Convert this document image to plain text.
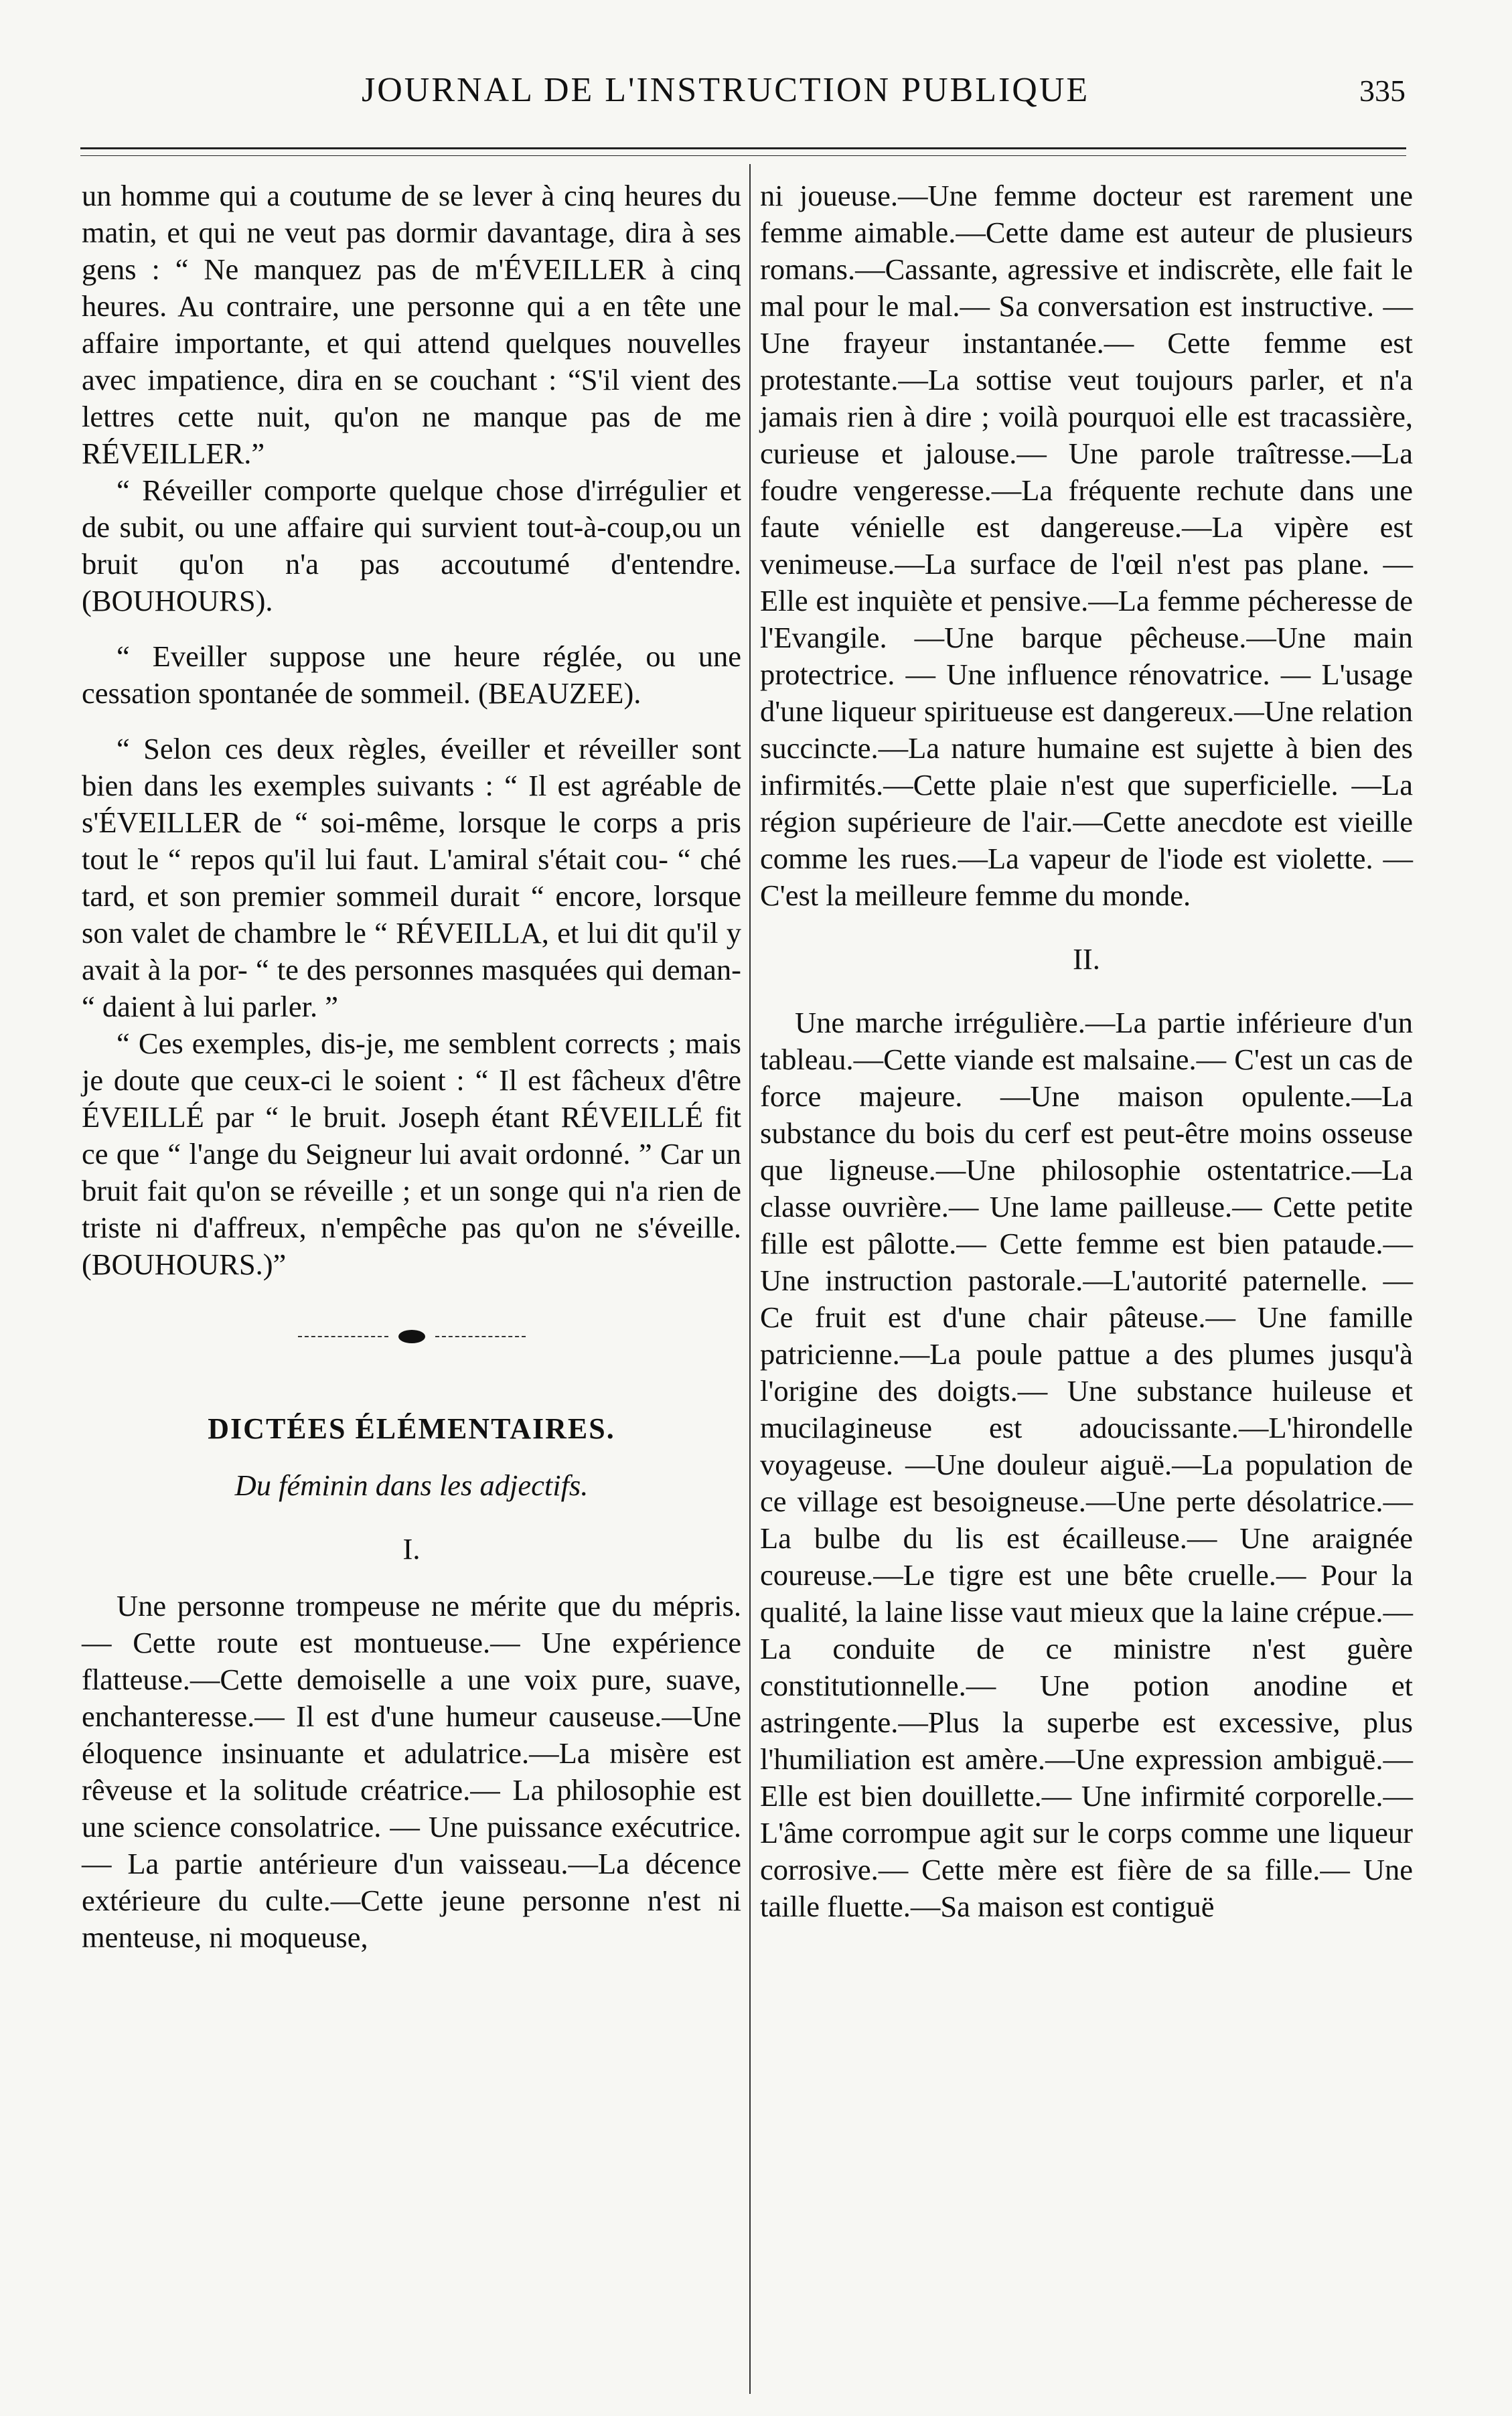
JOURNAL DE L'INSTRUCTION PUBLIQUE	335

un homme qui a coutume de se lever à cinq heures du matin, et qui ne veut pas dormir davantage, dira à ses gens : “ Ne manquez pas de m'ÉVEILLER à cinq heures. Au contraire, une personne qui a en tête une affaire importante, et qui attend quelques nouvelles avec impatience, dira en se couchant : “S'il vient des lettres cette nuit, qu'on ne manque pas de me RÉVEILLER.”

“ Réveiller comporte quelque chose d'irrégulier et de subit, ou une affaire qui survient tout-à-coup,ou un bruit qu'on n'a pas accoutumé d'entendre. (BOUHOURS).

“ Eveiller suppose une heure réglée, ou une cessation spontanée de sommeil. (BEAUZEE).

“ Selon ces deux règles, éveiller et réveiller sont bien dans les exemples suivants : “ Il est agréable de s'ÉVEILLER de “ soi-même, lorsque le corps a pris tout le “ repos qu'il lui faut. L'amiral s'était cou- “ ché tard, et son premier sommeil durait “ encore, lorsque son valet de chambre le “ RÉVEILLA, et lui dit qu'il y avait à la por- “ te des personnes masquées qui deman- “ daient à lui parler. ”

“ Ces exemples, dis-je, me semblent corrects ; mais je doute que ceux-ci le soient : “ Il est fâcheux d'être ÉVEILLÉ par “ le bruit. Joseph étant RÉVEILLÉ fit ce que “ l'ange du Seigneur lui avait ordonné. ” Car un bruit fait qu'on se réveille ; et un songe qui n'a rien de triste ni d'affreux, n'empêche pas qu'on ne s'éveille. (BOUHOURS.)”

DICTÉES ÉLÉMENTAIRES.

Du féminin dans les adjectifs.

I.

Une personne trompeuse ne mérite que du mépris.— Cette route est montueuse.— Une expérience flatteuse.—Cette demoiselle a une voix pure, suave, enchanteresse.— Il est d'une humeur causeuse.—Une éloquence insinuante et adulatrice.—La misère est rêveuse et la solitude créatrice.— La philosophie est une science consolatrice. — Une puissance exécutrice. — La partie antérieure d'un vaisseau.—La décence extérieure du culte.—Cette jeune personne n'est ni menteuse, ni moqueuse,

ni joueuse.—Une femme docteur est rarement une femme aimable.—Cette dame est auteur de plusieurs romans.—Cassante, agressive et indiscrète, elle fait le mal pour le mal.— Sa conversation est instructive. —Une frayeur instantanée.— Cette femme est protestante.—La sottise veut toujours parler, et n'a jamais rien à dire ; voilà pourquoi elle est tracassière, curieuse et jalouse.— Une parole traîtresse.—La foudre vengeresse.—La fréquente rechute dans une faute vénielle est dangereuse.—La vipère est venimeuse.—La surface de l'œil n'est pas plane. — Elle est inquiète et pensive.—La femme pécheresse de l'Evangile. —Une barque pêcheuse.—Une main protectrice. — Une influence rénovatrice. — L'usage d'une liqueur spiritueuse est dangereux.—Une relation succincte.—La nature humaine est sujette à bien des infirmités.—Cette plaie n'est que superficielle. —La région supérieure de l'air.—Cette anecdote est vieille comme les rues.—La vapeur de l'iode est violette. — C'est la meilleure femme du monde.

II.

Une marche irrégulière.—La partie inférieure d'un tableau.—Cette viande est malsaine.— C'est un cas de force majeure. —Une maison opulente.—La substance du bois du cerf est peut-être moins osseuse que ligneuse.—Une philosophie ostentatrice.—La classe ouvrière.— Une lame pailleuse.— Cette petite fille est pâlotte.— Cette femme est bien pataude.—Une instruction pastorale.—L'autorité paternelle. —Ce fruit est d'une chair pâteuse.— Une famille patricienne.—La poule pattue a des plumes jusqu'à l'origine des doigts.— Une substance huileuse et mucilagineuse est adoucissante.—L'hirondelle voyageuse. —Une douleur aiguë.—La population de ce village est besoigneuse.—Une perte désolatrice.—La bulbe du lis est écailleuse.— Une araignée coureuse.—Le tigre est une bête cruelle.— Pour la qualité, la laine lisse vaut mieux que la laine crépue.—La conduite de ce ministre n'est guère constitutionnelle.— Une potion anodine et astringente.—Plus la superbe est excessive, plus l'humiliation est amère.—Une expression ambiguë.—Elle est bien douillette.— Une infirmité corporelle.—L'âme corrompue agit sur le corps comme une liqueur corrosive.— Cette mère est fière de sa fille.— Une taille fluette.—Sa maison est contiguë
